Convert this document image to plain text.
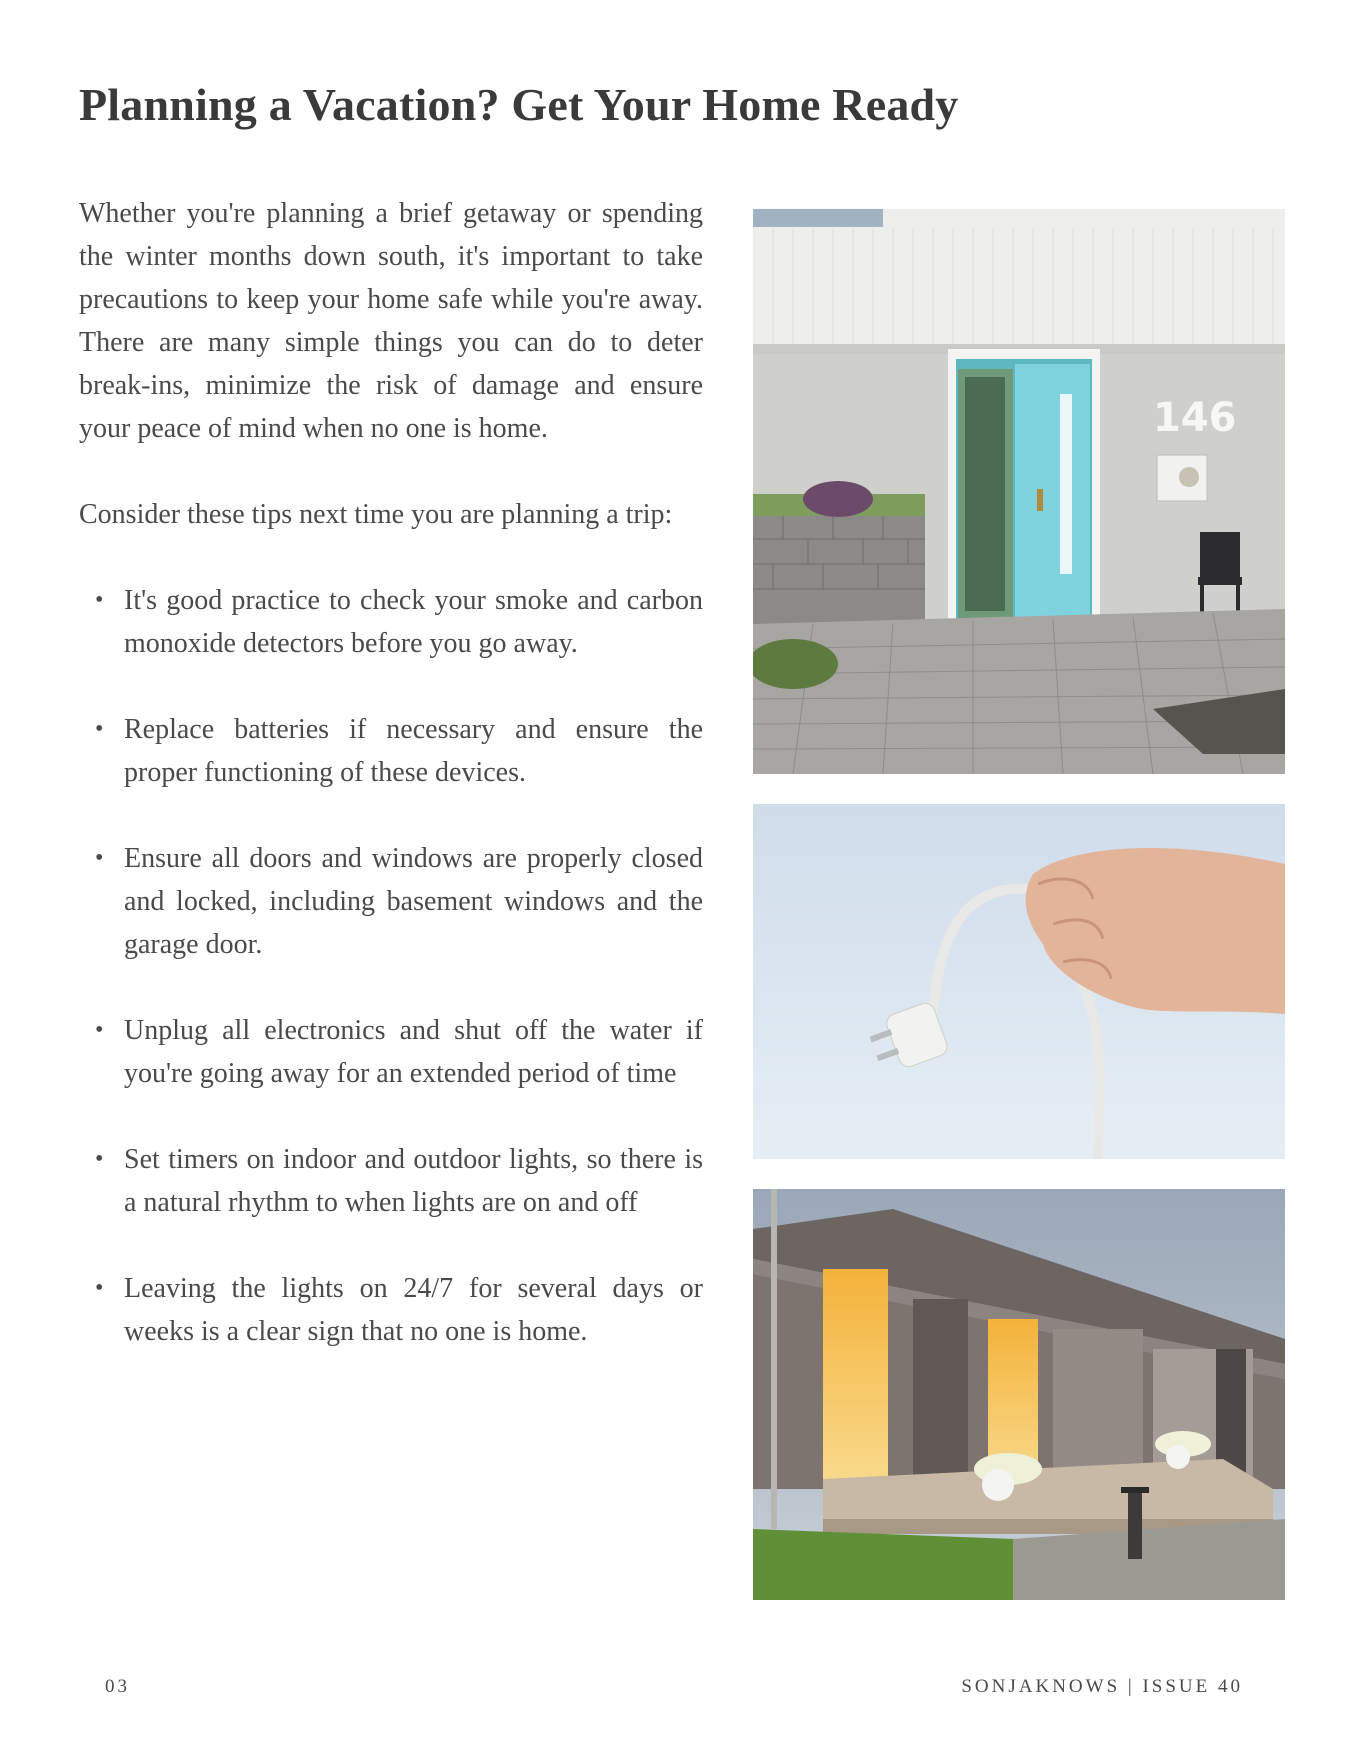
Planning a Vacation? Get Your Home Ready

Whether you're planning a brief getaway or spending the winter months down south, it's important to take precautions to keep your home safe while you're away. There are many simple things you can do to deter break-ins, minimize the risk of damage and ensure your peace of mind when no one is home.

Consider these tips next time you are planning a trip:

• It's good practice to check your smoke and carbon monoxide detectors before you go away.
• Replace batteries if necessary and ensure the proper functioning of these devices.
• Ensure all doors and windows are properly closed and locked, including basement windows and the garage door.
• Unplug all electronics and shut off the water if you're going away for an extended period of time
• Set timers on indoor and outdoor lights, so there is a natural rhythm to when lights are on and off
• Leaving the lights on 24/7 for several days or weeks is a clear sign that no one is home.
146
03	SONJAKNOWS | ISSUE 40
